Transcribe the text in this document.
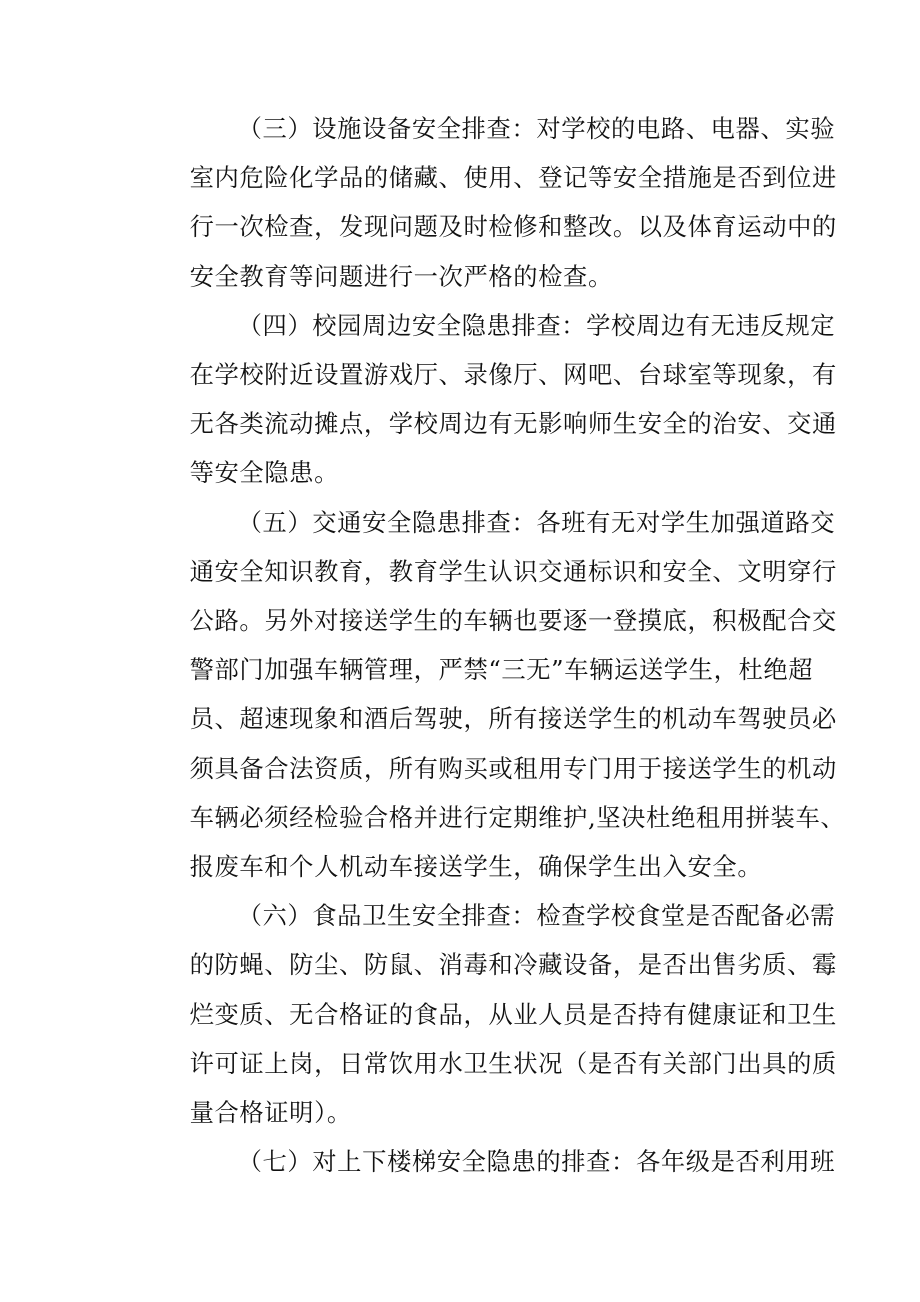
（三）设施设备安全排查：对学校的电路、电器、实验
室内危险化学品的储藏、使用、登记等安全措施是否到位进
行一次检查，发现问题及时检修和整改。以及体育运动中的
安全教育等问题进行一次严格的检查。
（四）校园周边安全隐患排查：学校周边有无违反规定
在学校附近设置游戏厅、录像厅、网吧、台球室等现象，有
无各类流动摊点，学校周边有无影响师生安全的治安、交通
等安全隐患。
（五）交通安全隐患排查：各班有无对学生加强道路交
通安全知识教育，教育学生认识交通标识和安全、文明穿行
公路。另外对接送学生的车辆也要逐一登摸底，积极配合交
警部门加强车辆管理，严禁“三无”车辆运送学生，杜绝超
员、超速现象和酒后驾驶，所有接送学生的机动车驾驶员必
须具备合法资质，所有购买或租用专门用于接送学生的机动
车辆必须经检验合格并进行定期维护,坚决杜绝租用拼装车、
报废车和个人机动车接送学生，确保学生出入安全。
（六）食品卫生安全排查：检查学校食堂是否配备必需
的防蝇、防尘、防鼠、消毒和冷藏设备，是否出售劣质、霉
烂变质、无合格证的食品，从业人员是否持有健康证和卫生
许可证上岗，日常饮用水卫生状况（是否有关部门出具的质
量合格证明）。
（七）对上下楼梯安全隐患的排查：各年级是否利用班
